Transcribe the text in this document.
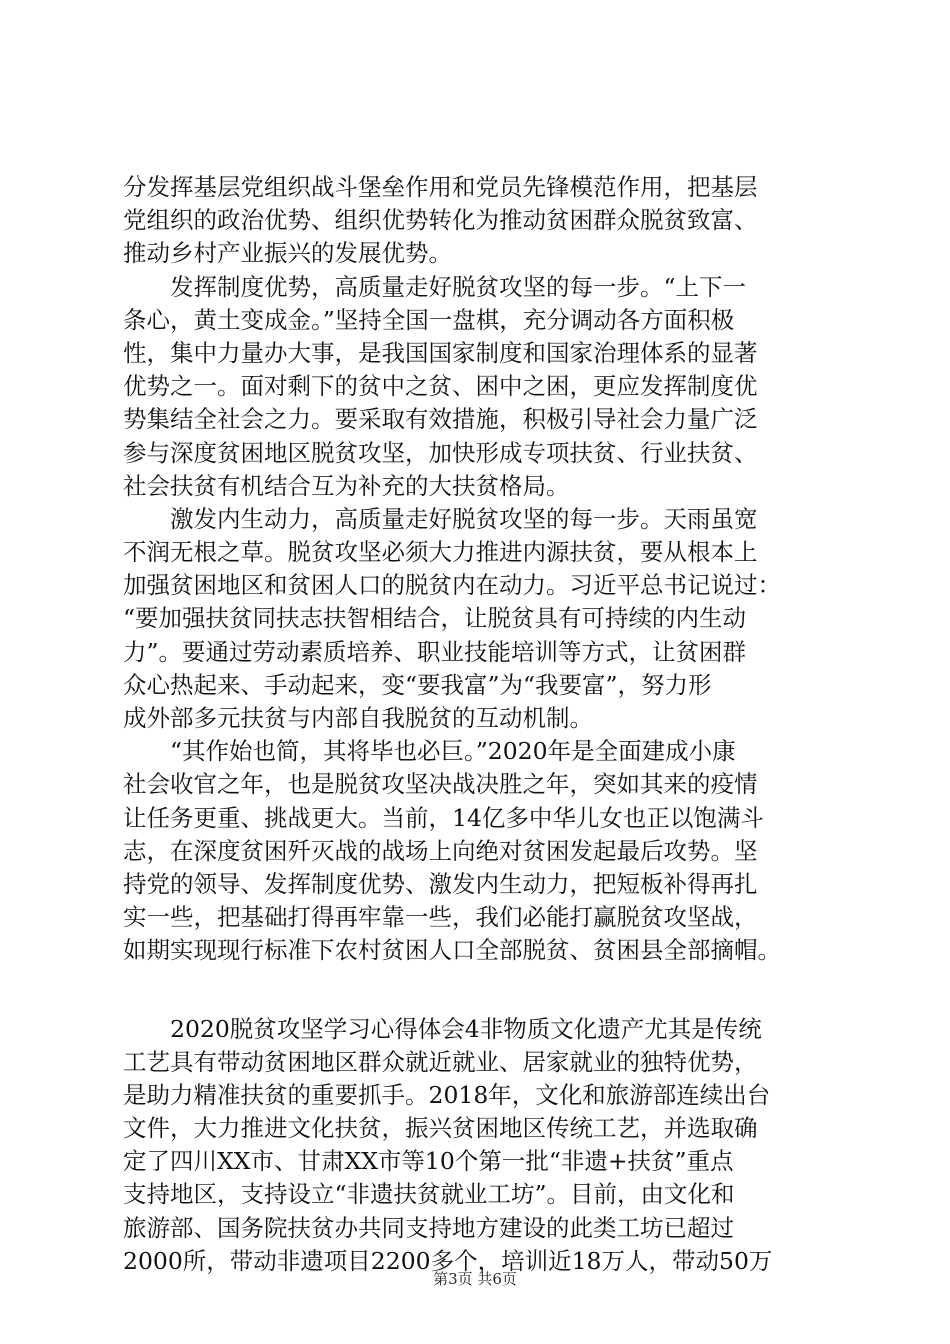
分发挥基层党组织战斗堡垒作用和党员先锋模范作用，把基层
党组织的政治优势、组织优势转化为推动贫困群众脱贫致富、
推动乡村产业振兴的发展优势。
　　发挥制度优势，高质量走好脱贫攻坚的每一步。“上下一
条心，黄土变成金。”坚持全国一盘棋，充分调动各方面积极
性，集中力量办大事，是我国国家制度和国家治理体系的显著
优势之一。面对剩下的贫中之贫、困中之困，更应发挥制度优
势集结全社会之力。要采取有效措施，积极引导社会力量广泛
参与深度贫困地区脱贫攻坚，加快形成专项扶贫、行业扶贫、
社会扶贫有机结合互为补充的大扶贫格局。
　　激发内生动力，高质量走好脱贫攻坚的每一步。天雨虽宽
不润无根之草。脱贫攻坚必须大力推进内源扶贫，要从根本上
加强贫困地区和贫困人口的脱贫内在动力。习近平总书记说过：
“要加强扶贫同扶志扶智相结合，让脱贫具有可持续的内生动
力”。要通过劳动素质培养、职业技能培训等方式，让贫困群
众心热起来、手动起来，变“要我富”为“我要富”，努力形
成外部多元扶贫与内部自我脱贫的互动机制。
　　“其作始也简，其将毕也必巨。”2020年是全面建成小康
社会收官之年，也是脱贫攻坚决战决胜之年，突如其来的疫情
让任务更重、挑战更大。当前，14亿多中华儿女也正以饱满斗
志，在深度贫困歼灭战的战场上向绝对贫困发起最后攻势。坚
持党的领导、发挥制度优势、激发内生动力，把短板补得再扎
实一些，把基础打得再牢靠一些，我们必能打赢脱贫攻坚战，
如期实现现行标准下农村贫困人口全部脱贫、贫困县全部摘帽。
　　2020脱贫攻坚学习心得体会4非物质文化遗产尤其是传统
工艺具有带动贫困地区群众就近就业、居家就业的独特优势，
是助力精准扶贫的重要抓手。2018年，文化和旅游部连续出台
文件，大力推进文化扶贫，振兴贫困地区传统工艺，并选取确
定了四川XX市、甘肃XX市等10个第一批“非遗+扶贫”重点
支持地区，支持设立“非遗扶贫就业工坊”。目前，由文化和
旅游部、国务院扶贫办共同支持地方建设的此类工坊已超过
2000所，带动非遗项目2200多个，培训近18万人，带动50万
第3页 共6页
